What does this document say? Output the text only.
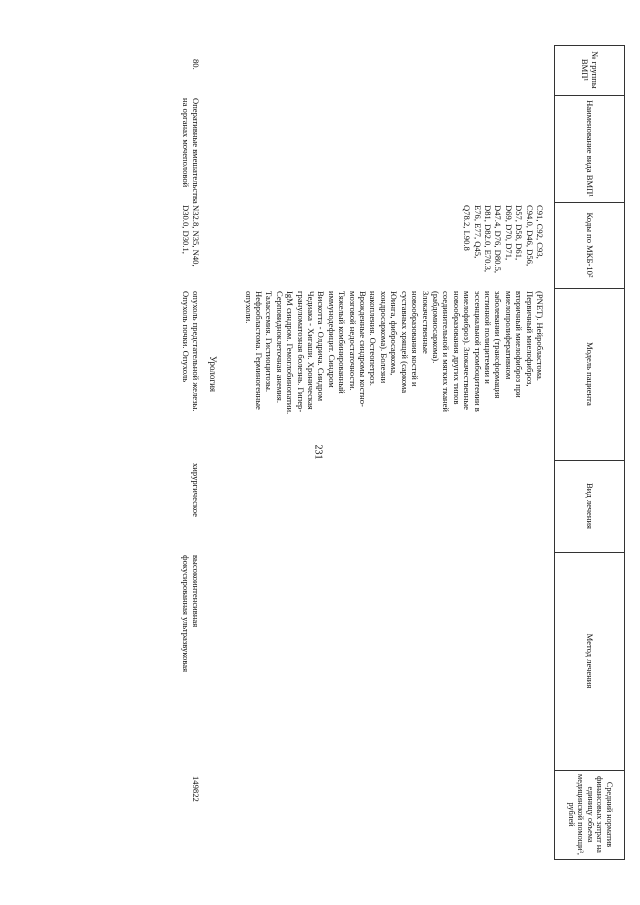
231
№ группы ВМП¹
Наименование вида ВМП¹
Коды по МКБ-10²
Модель пациента
Вид лечения
Метод лечения
Средний норматив финансовых затрат на единицу объема медицинской помощи³, рублей
C91, C92, C93,
C94.0, D46, D56,
D57, D58, D61,
D69, D70, D71,
D47.4, D76, D80.5,
D81, D82.0, E70.3,
E76, E77, Q45,
Q78.2, L90.8
(PNET). Нейробластома.
Первичный миелофиброз,
вторичный миелофиброз при
миелопролиферативном
заболевании (трансформация
истинной полицитемии и
эссенциальной тромбоцитемии в
миелофиброз). Злокачественные
новообразования других типов
соединительной и мягких тканей
(рабдомиосаркома).
Злокачественные
новообразования костей и
суставных хрящей (саркома
Юинга, фибросаркома,
хондросаркома). Болезни
накопления. Остеопетроз.
Врожденные синдромы костно-
мозговой недостаточности.
Тяжелый комбинированный
иммунодефицит. Синдром
Вискотта - Олдрича. Синдром
Чедиака - Хигаши. Хроническая
грануломатозная болезнь. Гипер-
IgM синдром. Гемоглобинопатии.
Серповидноклеточная анемия.
Талассемия. Гистиоцитозы.
Нефробластома. Герминогенные
опухоли.
Урология
80.
Оперативные вмешательства
на органах мочеполовой
N32.8, N35, N40,
D30.0, D30.1,
опухоль предстательной железы.
Опухоль почки. Опухоль
хирургическое
высокоинтенсивная
фокусированная ультразвуковая
149822
